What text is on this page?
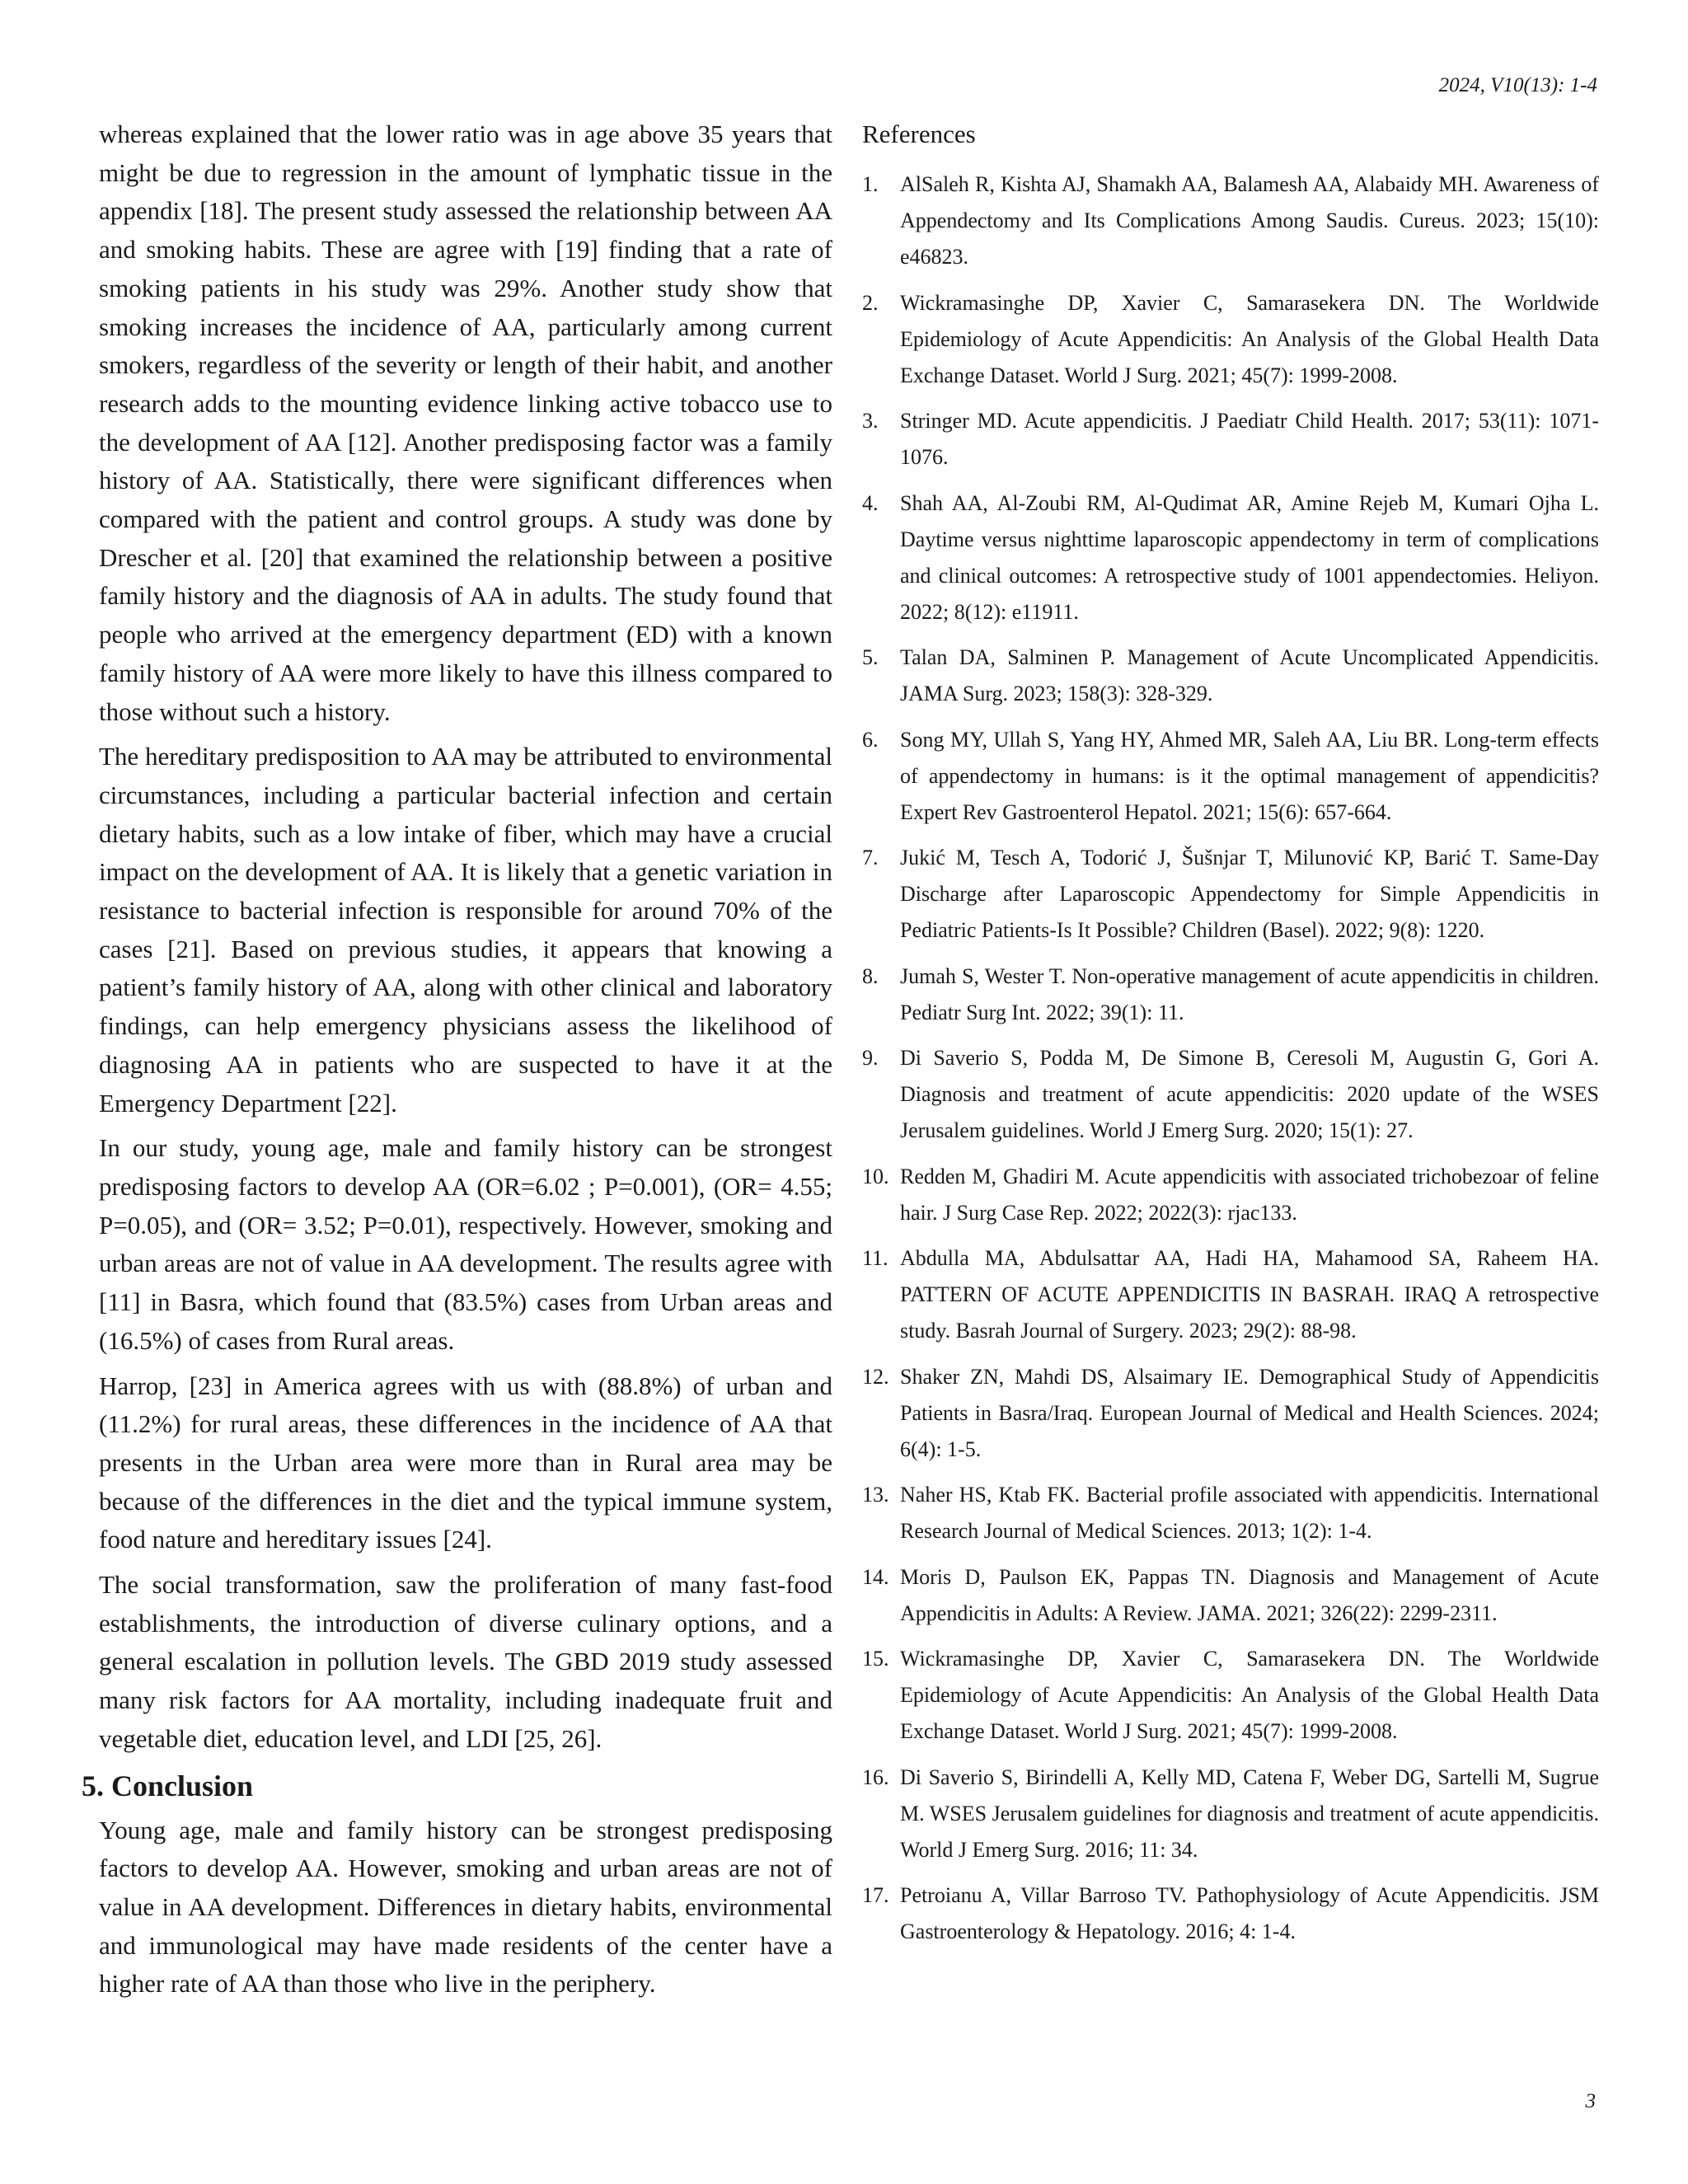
2024, V10(13): 1-4

whereas explained that the lower ratio was in age above 35 years that might be due to regression in the amount of lymphatic tissue in the appendix [18]. The present study assessed the relationship between AA and smoking habits. These are agree with [19] finding that a rate of smoking patients in his study was 29%. Another study show that smoking increases the incidence of AA, particularly among current smokers, regardless of the severity or length of their habit, and another research adds to the mounting evidence linking active tobacco use to the development of AA [12]. Another predisposing factor was a family history of AA. Statistically, there were significant differences when compared with the patient and control groups. A study was done by Drescher et al. [20] that examined the relationship between a positive family history and the diagnosis of AA in adults. The study found that people who arrived at the emergency department (ED) with a known family history of AA were more likely to have this illness compared to those without such a history.

The hereditary predisposition to AA may be attributed to environmental circumstances, including a particular bacterial infection and certain dietary habits, such as a low intake of fiber, which may have a crucial impact on the development of AA. It is likely that a genetic variation in resistance to bacterial infection is responsible for around 70% of the cases [21]. Based on previous studies, it appears that knowing a patient’s family history of AA, along with other clinical and laboratory findings, can help emergency physicians assess the likelihood of diagnosing AA in patients who are suspected to have it at the Emergency Department [22].

In our study, young age, male and family history can be strongest predisposing factors to develop AA (OR=6.02 ; P=0.001), (OR= 4.55; P=0.05), and (OR= 3.52; P=0.01), respectively. However, smoking and urban areas are not of value in AA development. The results agree with [11] in Basra, which found that (83.5%) cases from Urban areas and (16.5%) of cases from Rural areas.

Harrop, [23] in America agrees with us with (88.8%) of urban and (11.2%) for rural areas, these differences in the incidence of AA that presents in the Urban area were more than in Rural area may be because of the differences in the diet and the typical immune system, food nature and hereditary issues [24].

The social transformation, saw the proliferation of many fast-food establishments, the introduction of diverse culinary options, and a general escalation in pollution levels. The GBD 2019 study assessed many risk factors for AA mortality, including inadequate fruit and vegetable diet, education level, and LDI [25, 26].

5. Conclusion

Young age, male and family history can be strongest predisposing factors to develop AA. However, smoking and urban areas are not of value in AA development. Differences in dietary habits, environmental and immunological may have made residents of the center have a higher rate of AA than those who live in the periphery.

References
1.	AlSaleh R, Kishta AJ, Shamakh AA, Balamesh AA, Alabaidy MH. Awareness of Appendectomy and Its Complications Among Saudis. Cureus. 2023; 15(10): e46823.
2.	Wickramasinghe DP, Xavier C, Samarasekera DN. The Worldwide Epidemiology of Acute Appendicitis: An Analysis of the Global Health Data Exchange Dataset. World J Surg. 2021; 45(7): 1999-2008.
3.	Stringer MD. Acute appendicitis. J Paediatr Child Health. 2017; 53(11): 1071-1076.
4.	Shah AA, Al-Zoubi RM, Al-Qudimat AR, Amine Rejeb M, Kumari Ojha L. Daytime versus nighttime laparoscopic appendectomy in term of complications and clinical outcomes: A retrospective study of 1001 appendectomies. Heliyon. 2022; 8(12): e11911.
5.	Talan DA, Salminen P. Management of Acute Uncomplicated Appendicitis. JAMA Surg. 2023; 158(3): 328-329.
6.	Song MY, Ullah S, Yang HY, Ahmed MR, Saleh AA, Liu BR. Long-term effects of appendectomy in humans: is it the optimal management of appendicitis? Expert Rev Gastroenterol Hepatol. 2021; 15(6): 657-664.
7.	Jukić M, Tesch A, Todorić J, Šušnjar T, Milunović KP, Barić T. Same-Day Discharge after Laparoscopic Appendectomy for Simple Appendicitis in Pediatric Patients-Is It Possible? Children (Basel). 2022; 9(8): 1220.
8.	Jumah S, Wester T. Non-operative management of acute appendicitis in children. Pediatr Surg Int. 2022; 39(1): 11.
9.	Di Saverio S, Podda M, De Simone B, Ceresoli M, Augustin G, Gori A. Diagnosis and treatment of acute appendicitis: 2020 update of the WSES Jerusalem guidelines. World J Emerg Surg. 2020; 15(1): 27.
10. Redden M, Ghadiri M. Acute appendicitis with associated trichobezoar of feline hair. J Surg Case Rep. 2022; 2022(3): rjac133.
11. Abdulla MA, Abdulsattar AA, Hadi HA, Mahamood SA, Raheem HA. PATTERN OF ACUTE APPENDICITIS IN BASRAH. IRAQ A retrospective study. Basrah Journal of Surgery. 2023; 29(2): 88-98.
12. Shaker ZN, Mahdi DS, Alsaimary IE. Demographical Study of Appendicitis Patients in Basra/Iraq. European Journal of Medical and Health Sciences. 2024; 6(4): 1-5.
13. Naher HS, Ktab FK. Bacterial profile associated with appendicitis. International Research Journal of Medical Sciences. 2013; 1(2): 1-4.
14. Moris D, Paulson EK, Pappas TN. Diagnosis and Management of Acute Appendicitis in Adults: A Review. JAMA. 2021; 326(22): 2299-2311.
15. Wickramasinghe DP, Xavier C, Samarasekera DN. The Worldwide Epidemiology of Acute Appendicitis: An Analysis of the Global Health Data Exchange Dataset. World J Surg. 2021; 45(7): 1999-2008.
16. Di Saverio S, Birindelli A, Kelly MD, Catena F, Weber DG, Sartelli M, Sugrue M. WSES Jerusalem guidelines for diagnosis and treatment of acute appendicitis. World J Emerg Surg. 2016; 11: 34.
17. Petroianu A, Villar Barroso TV. Pathophysiology of Acute Appendicitis. JSM Gastroenterology & Hepatology. 2016; 4: 1-4.
3
